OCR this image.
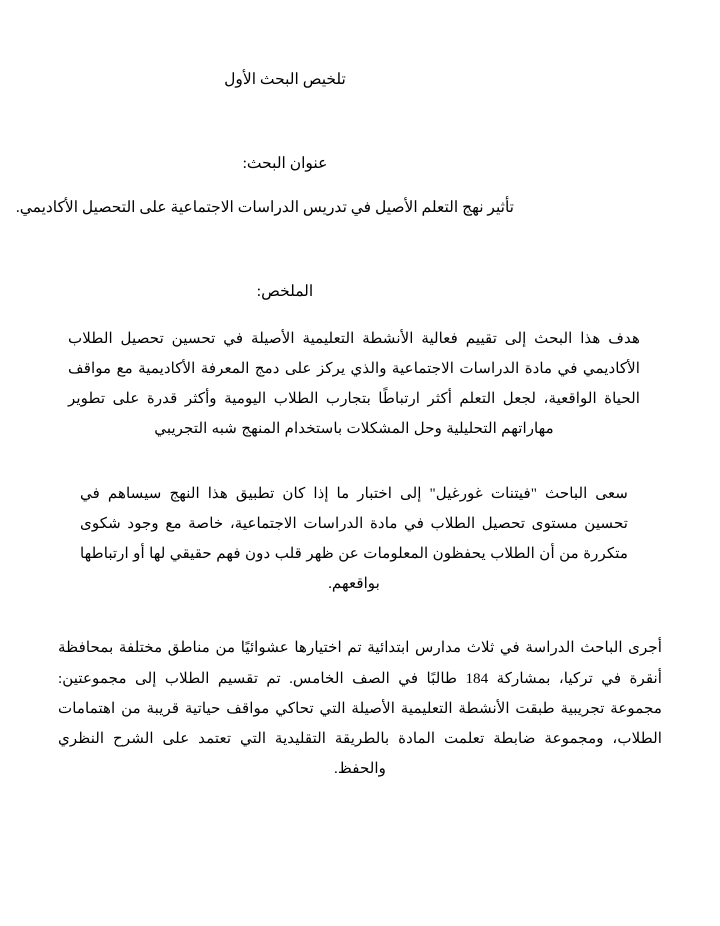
تلخيص البحث الأول
عنوان البحث:
تأثير نهج التعلم الأصيل في تدريس الدراسات الاجتماعية على التحصيل الأكاديمي.
الملخص:

هدف هذا البحث إلى تقييم فعالية الأنشطة التعليمية الأصيلة في تحسين تحصيل الطلاب الأكاديمي في مادة الدراسات الاجتماعية والذي يركز على دمج المعرفة الأكاديمية مع مواقف الحياة الواقعية، لجعل التعلم أكثر ارتباطًا بتجارب الطلاب اليومية وأكثر قدرة على تطوير مهاراتهم التحليلية وحل المشكلات باستخدام المنهج شبه التجريبي

سعى الباحث "فيتنات غورغيل" إلى اختبار ما إذا كان تطبيق هذا النهج سيساهم في تحسين مستوى تحصيل الطلاب في مادة الدراسات الاجتماعية، خاصة مع وجود شكوى متكررة من أن الطلاب يحفظون المعلومات عن ظهر قلب دون فهم حقيقي لها أو ارتباطها بواقعهم.

أجرى الباحث الدراسة في ثلاث مدارس ابتدائية تم اختيارها عشوائيًا من مناطق مختلفة بمحافظة أنقرة في تركيا، بمشاركة 184 طالبًا في الصف الخامس. تم تقسيم الطلاب إلى مجموعتين: مجموعة تجريبية طبقت الأنشطة التعليمية الأصيلة التي تحاكي مواقف حياتية قريبة من اهتمامات الطلاب، ومجموعة ضابطة تعلمت المادة بالطريقة التقليدية التي تعتمد على الشرح النظري والحفظ.
